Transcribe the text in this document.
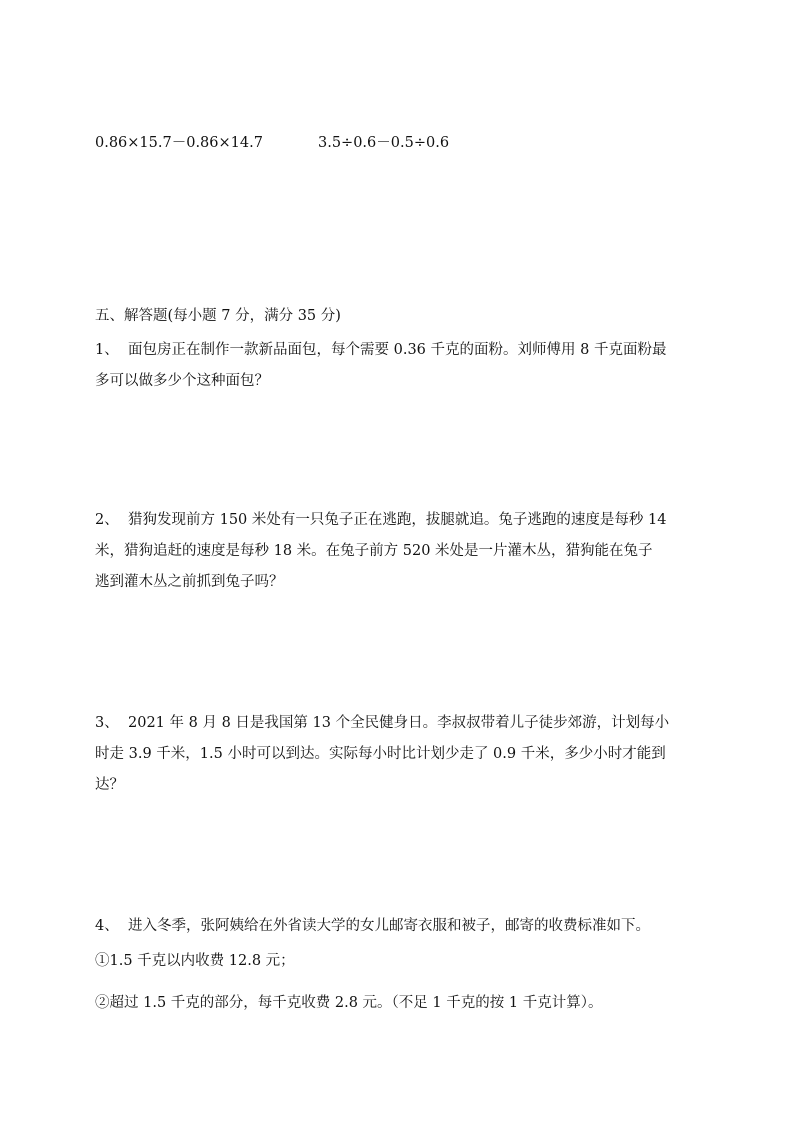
0.86×15.7－0.86×14.7	3.5÷0.6－0.5÷0.6
五、解答题(每小题 7 分，满分 35 分)
1、 面包房正在制作一款新品面包，每个需要 0.36 千克的面粉。刘师傅用 8 千克面粉最
多可以做多少个这种面包？
2、 猎狗发现前方 150 米处有一只兔子正在逃跑，拔腿就追。兔子逃跑的速度是每秒 14
米，猎狗追赶的速度是每秒 18 米。在兔子前方 520 米处是一片灌木丛，猎狗能在兔子
逃到灌木丛之前抓到兔子吗？
3、 2021 年 8 月 8 日是我国第 13 个全民健身日。李叔叔带着儿子徒步郊游，计划每小
时走 3.9 千米，1.5 小时可以到达。实际每小时比计划少走了 0.9 千米，多少小时才能到
达？
4、 进入冬季，张阿姨给在外省读大学的女儿邮寄衣服和被子，邮寄的收费标准如下。
①1.5 千克以内收费 12.8 元；
②超过 1.5 千克的部分，每千克收费 2.8 元。（不足 1 千克的按 1 千克计算）。
